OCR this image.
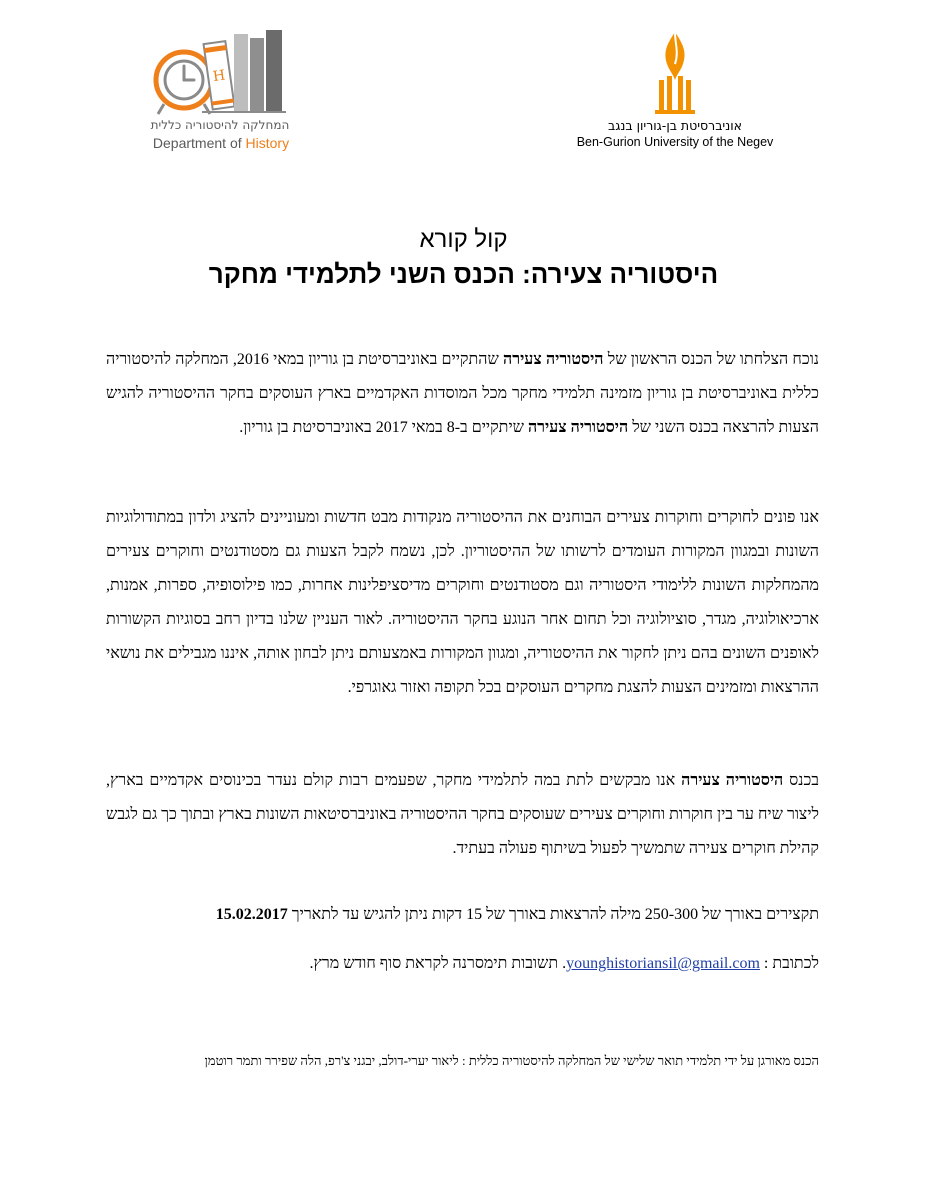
H
המחלקה להיסטוריה כללית
Department of History
אוניברסיטת בן-גוריון בנגב
Ben-Gurion University of the Negev
קול קורא
היסטוריה צעירה: הכנס השני לתלמידי מחקר
נוכח הצלחתו של הכנס הראשון של היסטוריה צעירה שהתקיים באוניברסיטת בן גוריון במאי 2016, המחלקה להיסטוריה כללית באוניברסיטת בן גוריון מזמינה תלמידי מחקר מכל המוסדות האקדמיים בארץ העוסקים בחקר ההיסטוריה להגיש הצעות להרצאה בכנס השני של היסטוריה צעירה שיתקיים ב-8 במאי 2017 באוניברסיטת בן גוריון.
אנו פונים לחוקרים וחוקרות צעירים הבוחנים את ההיסטוריה מנקודות מבט חדשות ומעוניינים להציג ולדון במתודולוגיות השונות ובמגוון המקורות העומדים לרשותו של ההיסטוריון. לכן, נשמח לקבל הצעות גם מסטודנטים וחוקרים צעירים מהמחלקות השונות ללימודי היסטוריה וגם מסטודנטים וחוקרים מדיסציפלינות אחרות, כמו פילוסופיה, ספרות, אמנות, ארכיאולוגיה, מגדר, סוציולוגיה וכל תחום אחר הנוגע בחקר ההיסטוריה. לאור העניין שלנו בדיון רחב בסוגיות הקשורות לאופנים השונים בהם ניתן לחקור את ההיסטוריה, ומגוון המקורות באמצעותם ניתן לבחון אותה, איננו מגבילים את נושאי ההרצאות ומזמינים הצעות להצגת מחקרים העוסקים בכל תקופה ואזור גאוגרפי.
בכנס היסטוריה צעירה אנו מבקשים לתת במה לתלמידי מחקר, שפעמים רבות קולם נעדר בכינוסים אקדמיים בארץ, ליצור שיח ער בין חוקרות וחוקרים צעירים שעוסקים בחקר ההיסטוריה באוניברסיטאות השונות בארץ ובתוך כך גם לגבש קהילת חוקרים צעירה שתמשיך לפעול בשיתוף פעולה בעתיד.
תקצירים באורך של 250-300 מילה להרצאות באורך של 15 דקות ניתן להגיש עד לתאריך 15.02.2017
לכתובת : younghistoriansil@gmail.com. תשובות תימסרנה לקראת סוף חודש מרץ.
הכנס מאורגן על ידי תלמידי תואר שלישי של המחלקה להיסטוריה כללית : ליאור יערי-דולב, יבגני צ'רפ, הלה שפירר ותמר רוטמן
